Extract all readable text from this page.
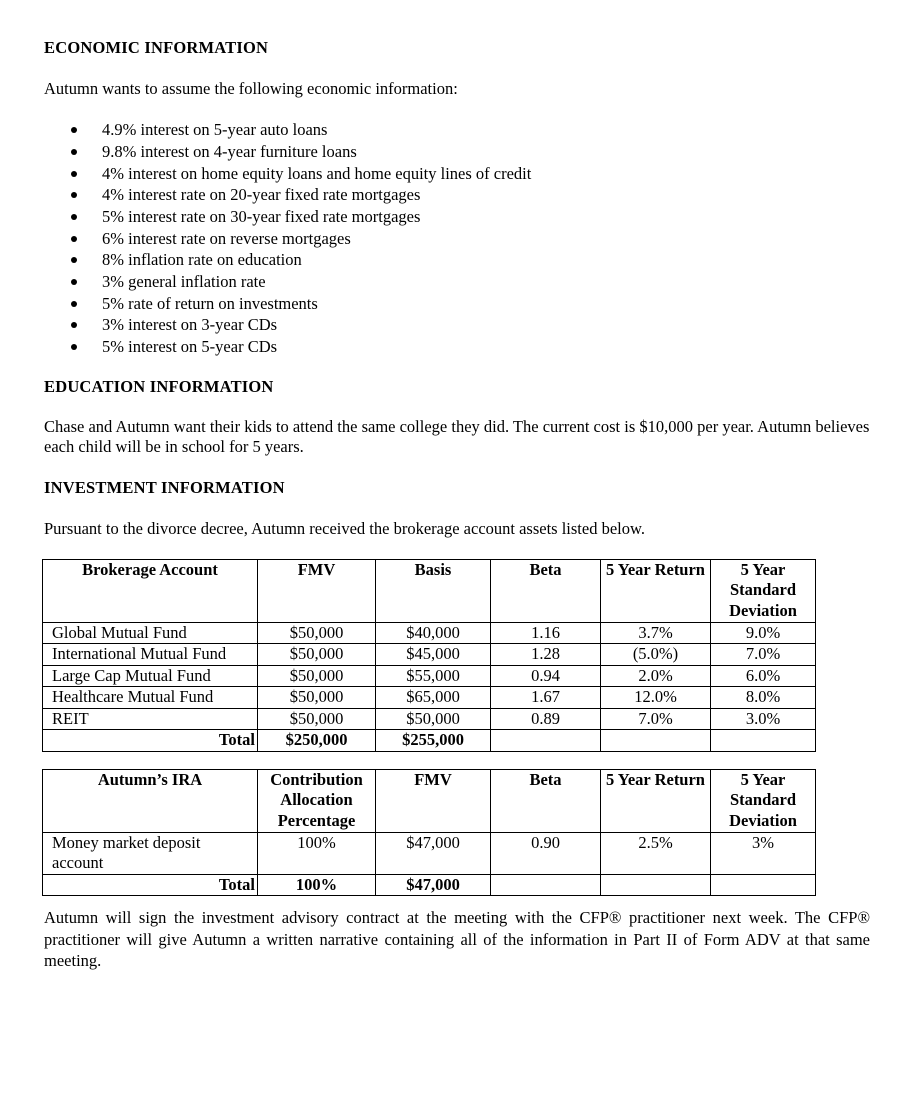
ECONOMIC INFORMATION

Autumn wants to assume the following economic information:

4.9% interest on 5-year auto loans
9.8% interest on 4-year furniture loans
4% interest on home equity loans and home equity lines of credit
4% interest rate on 20-year fixed rate mortgages
5% interest rate on 30-year fixed rate mortgages
6% interest rate on reverse mortgages
8% inflation rate on education
3% general inflation rate
5% rate of return on investments
3% interest on 3-year CDs
5% interest on 5-year CDs
EDUCATION INFORMATION

Chase and Autumn want their kids to attend the same college they did. The current cost is $10,000 per year. Autumn believes each child will be in school for 5 years.

INVESTMENT INFORMATION

Pursuant to the divorce decree, Autumn received the brokerage account assets listed below.

Brokerage Account	FMV	Basis	Beta	5 Year Return	5 Year Standard Deviation
Global Mutual Fund	$50,000	$40,000	1.16	3.7%	9.0%
International Mutual Fund	$50,000	$45,000	1.28	(5.0%)	7.0%
Large Cap Mutual Fund	$50,000	$55,000	0.94	2.0%	6.0%
Healthcare Mutual Fund	$50,000	$65,000	1.67	12.0%	8.0%
REIT	$50,000	$50,000	0.89	7.0%	3.0%
Total	$250,000	$255,000			
Autumn’s IRA	Contribution Allocation Percentage	FMV	Beta	5 Year Return	5 Year Standard Deviation
Money market deposit account	100%	$47,000	0.90	2.5%	3%
Total	100%	$47,000			

Autumn will sign the investment advisory contract at the meeting with the CFP® practitioner next week. The CFP® practitioner will give Autumn a written narrative containing all of the information in Part II of Form ADV at that same meeting.
